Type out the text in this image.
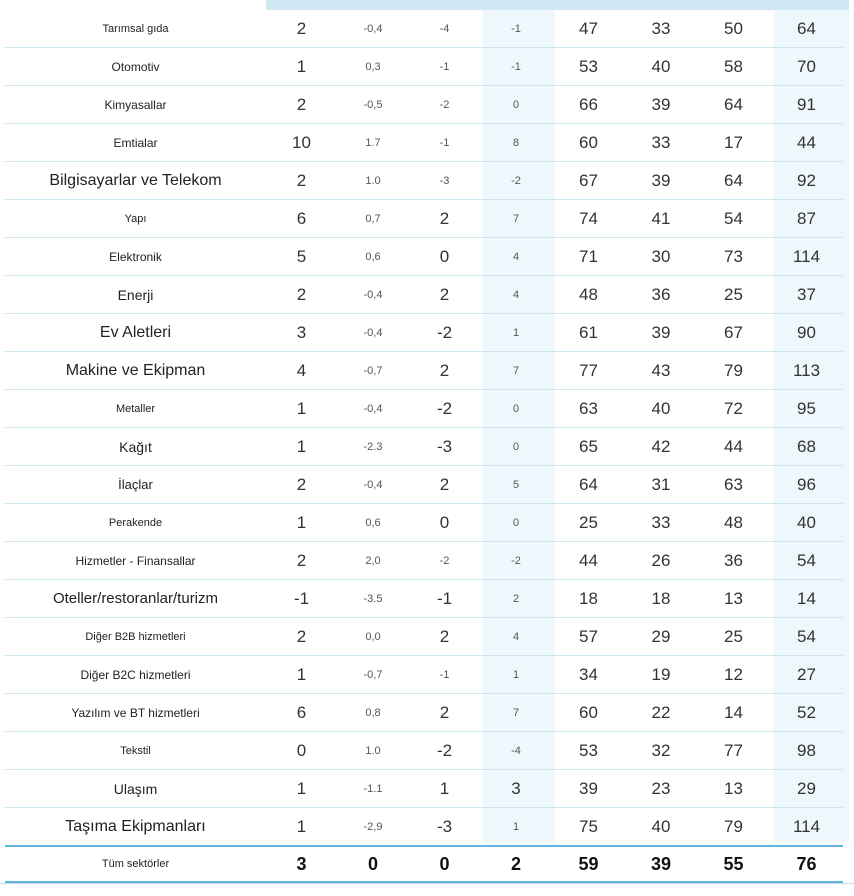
Tarımsal gıda	2	-0,4	-4	-1	47	33	50	64
Otomotiv	1	0,3	-1	-1	53	40	58	70
Kimyasallar	2	-0,5	-2	0	66	39	64	91
Emtialar	10	1.7	-1	8	60	33	17	44
Bilgisayarlar ve Telekom	2	1.0	-3	-2	67	39	64	92
Yapı	6	0,7	2	7	74	41	54	87
Elektronik	5	0,6	0	4	71	30	73	114
Enerji	2	-0,4	2	4	48	36	25	37
Ev Aletleri	3	-0,4	-2	1	61	39	67	90
Makine ve Ekipman	4	-0,7	2	7	77	43	79	113
Metaller	1	-0,4	-2	0	63	40	72	95
Kağıt	1	-2.3	-3	0	65	42	44	68
İlaçlar	2	-0,4	2	5	64	31	63	96
Perakende	1	0,6	0	0	25	33	48	40
Hizmetler - Finansallar	2	2,0	-2	-2	44	26	36	54
Oteller/restoranlar/turizm	-1	-3.5	-1	2	18	18	13	14
Diğer B2B hizmetleri	2	0,0	2	4	57	29	25	54
Diğer B2C hizmetleri	1	-0,7	-1	1	34	19	12	27
Yazılım ve BT hizmetleri	6	0,8	2	7	60	22	14	52
Tekstil	0	1.0	-2	-4	53	32	77	98
Ulaşım	1	-1.1	1	3	39	23	13	29
Taşıma Ekipmanları	1	-2,9	-3	1	75	40	79	114
Tüm sektörler	3	0	0	2	59	39	55	76
